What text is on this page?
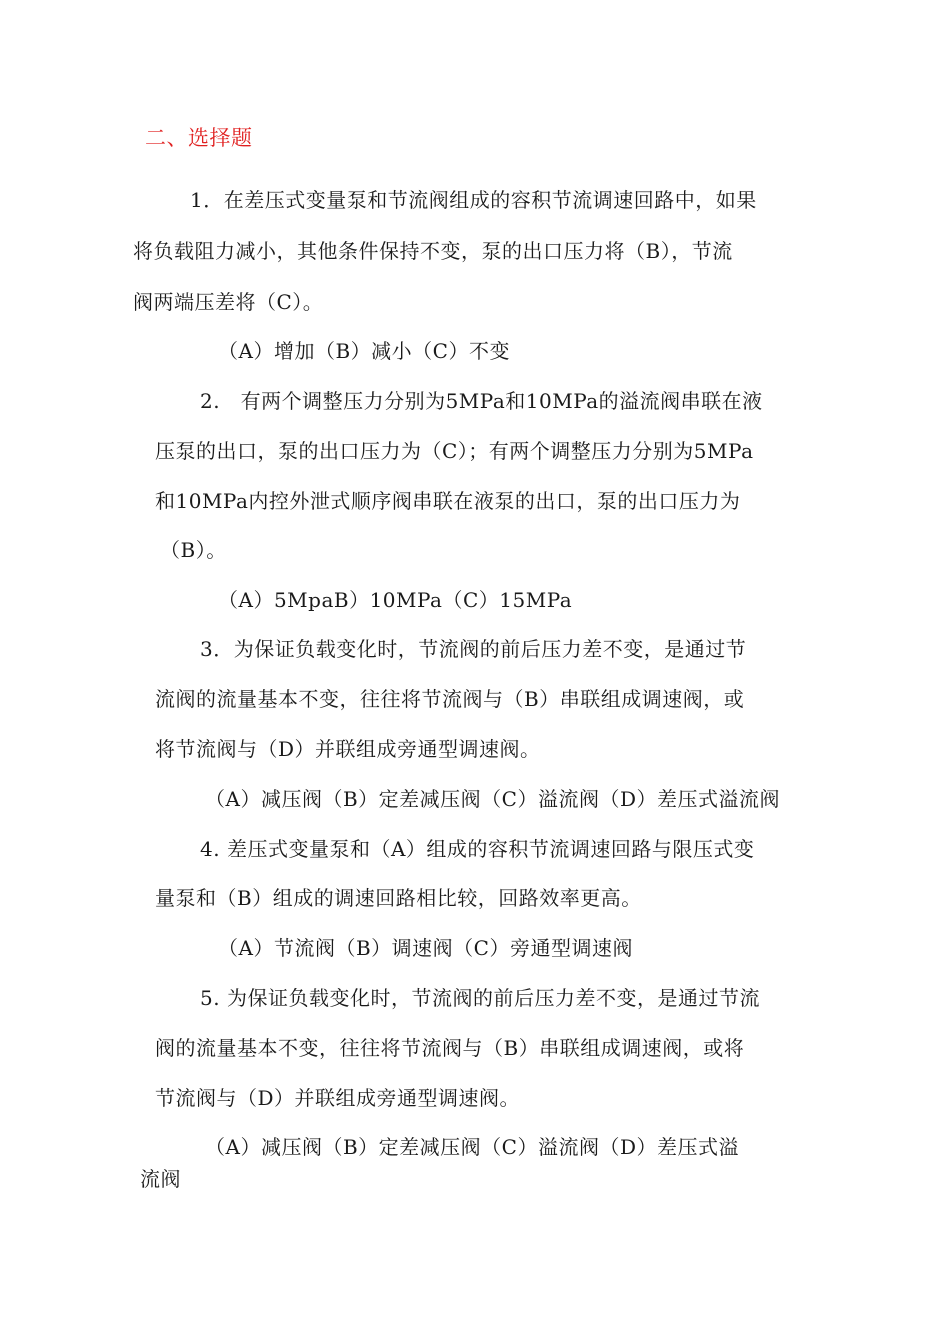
二、选择题
1．在差压式变量泵和节流阀组成的容积节流调速回路中，如果
将负载阻力减小，其他条件保持不变，泵的出口压力将（B），节流
阀两端压差将（C）。
（A）增加（B）减小（C）不变
2.　有两个调整压力分别为5MPa和10MPa的溢流阀串联在液
压泵的出口，泵的出口压力为（C）；有两个调整压力分别为5MPa
和10MPa内控外泄式顺序阀串联在液泵的出口，泵的出口压力为
（B）。
（A）5MpaB）10MPa（C）15MPa
3．为保证负载变化时，节流阀的前后压力差不变，是通过节
流阀的流量基本不变，往往将节流阀与（B）串联组成调速阀，或
将节流阀与（D）并联组成旁通型调速阀。
（A）减压阀（B）定差减压阀（C）溢流阀（D）差压式溢流阀
4. 差压式变量泵和（A）组成的容积节流调速回路与限压式变
量泵和（B）组成的调速回路相比较，回路效率更高。
（A）节流阀（B）调速阀（C）旁通型调速阀
5. 为保证负载变化时，节流阀的前后压力差不变，是通过节流
阀的流量基本不变，往往将节流阀与（B）串联组成调速阀，或将
节流阀与（D）并联组成旁通型调速阀。
（A）减压阀（B）定差减压阀（C）溢流阀（D）差压式溢
流阀
